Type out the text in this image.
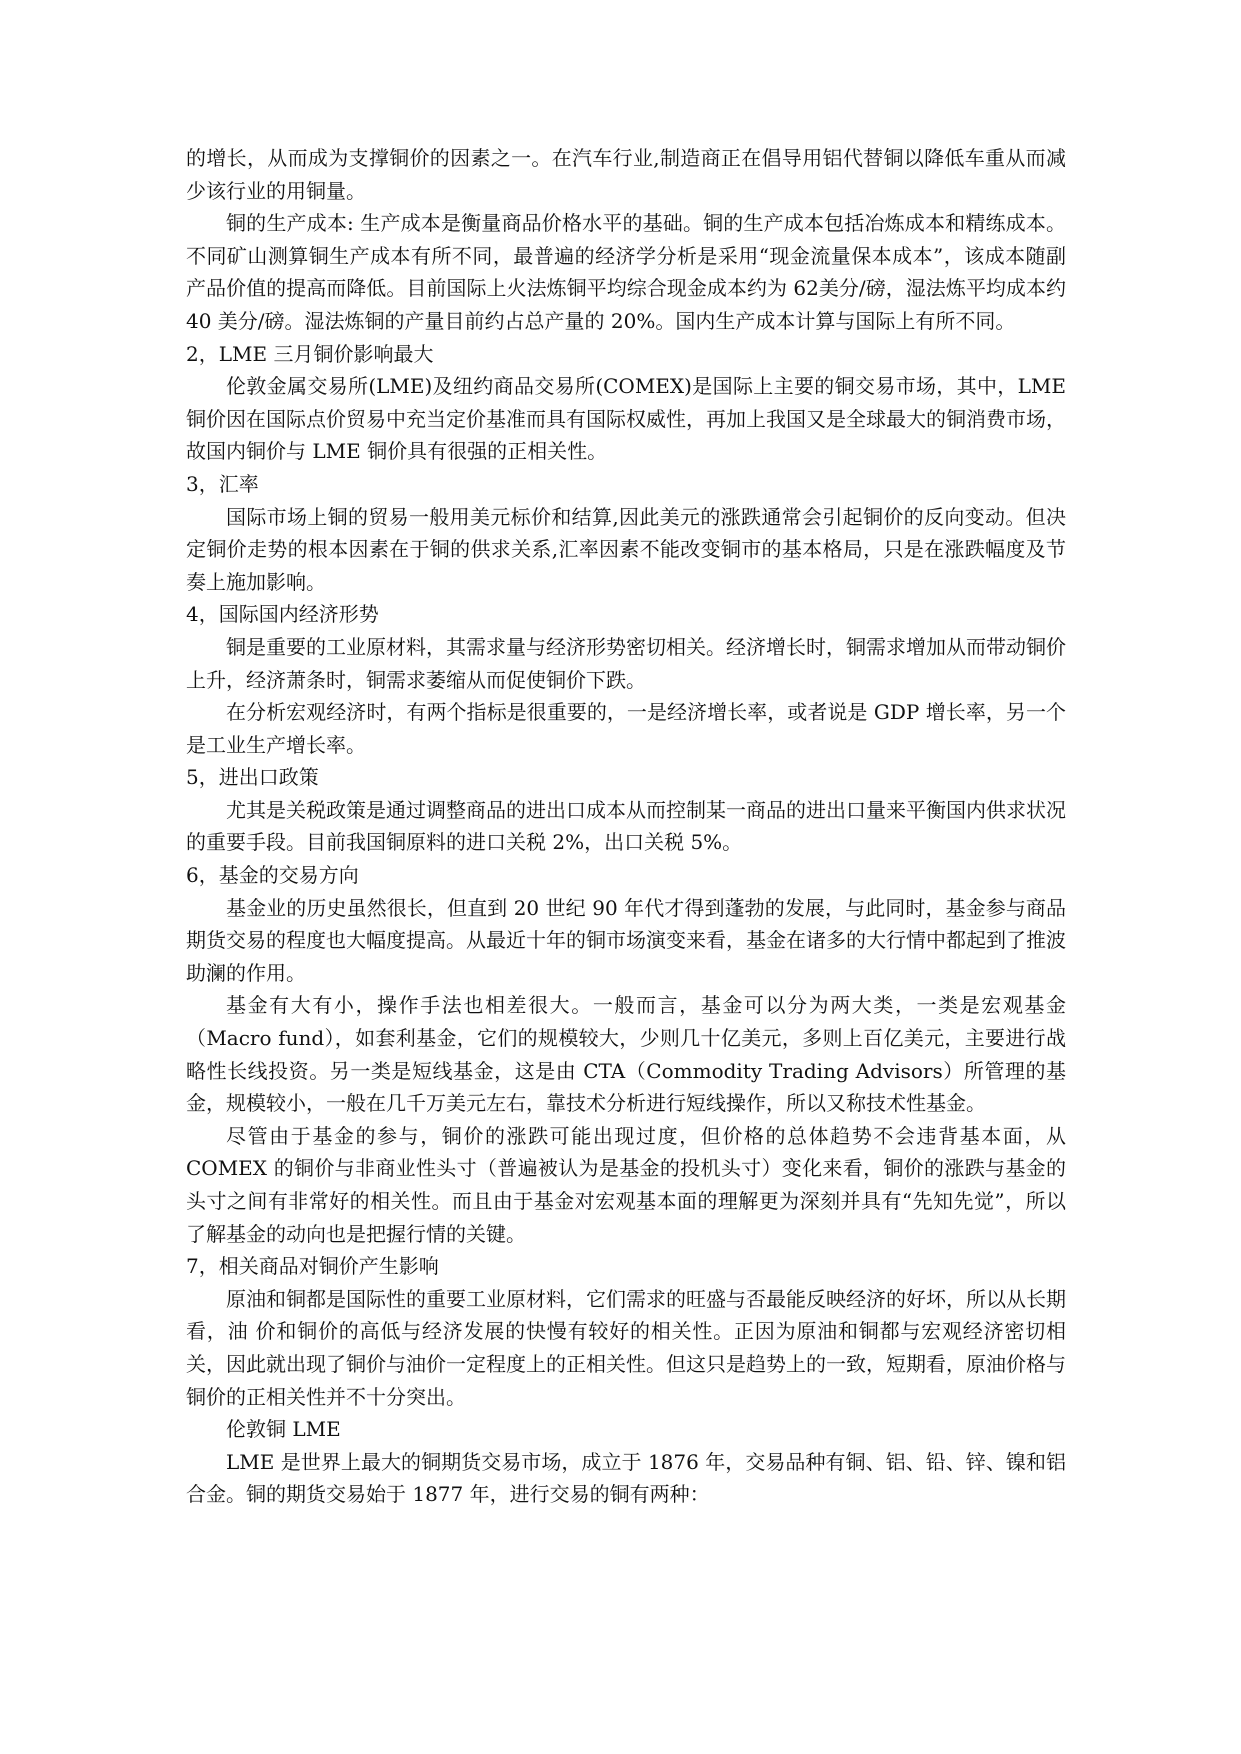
的增长，从而成为支撑铜价的因素之一。在汽车行业,制造商正在倡导用铝代替铜以降低车重从而减少该行业的用铜量。

铜的生产成本: 生产成本是衡量商品价格水平的基础。铜的生产成本包括冶炼成本和精练成本。不同矿山测算铜生产成本有所不同，最普遍的经济学分析是采用“现金流量保本成本”，该成本随副产品价值的提高而降低。目前国际上火法炼铜平均综合现金成本约为 62美分/磅，湿法炼平均成本约 40 美分/磅。湿法炼铜的产量目前约占总产量的 20%。国内生产成本计算与国际上有所不同。

2，LME 三月铜价影响最大

伦敦金属交易所(LME)及纽约商品交易所(COMEX)是国际上主要的铜交易市场，其中，LME 铜价因在国际点价贸易中充当定价基准而具有国际权威性，再加上我国又是全球最大的铜消费市场，故国内铜价与 LME 铜价具有很强的正相关性。

3，汇率

国际市场上铜的贸易一般用美元标价和结算,因此美元的涨跌通常会引起铜价的反向变动。但决定铜价走势的根本因素在于铜的供求关系,汇率因素不能改变铜市的基本格局，只是在涨跌幅度及节奏上施加影响。

4，国际国内经济形势

铜是重要的工业原材料，其需求量与经济形势密切相关。经济增长时，铜需求增加从而带动铜价上升，经济萧条时，铜需求萎缩从而促使铜价下跌。

在分析宏观经济时，有两个指标是很重要的，一是经济增长率，或者说是 GDP 增长率，另一个是工业生产增长率。

5，进出口政策

尤其是关税政策是通过调整商品的进出口成本从而控制某一商品的进出口量来平衡国内供求状况的重要手段。目前我国铜原料的进口关税 2%，出口关税 5%。

6，基金的交易方向

基金业的历史虽然很长，但直到 20 世纪 90 年代才得到蓬勃的发展，与此同时，基金参与商品期货交易的程度也大幅度提高。从最近十年的铜市场演变来看，基金在诸多的大行情中都起到了推波助澜的作用。

基金有大有小，操作手法也相差很大。一般而言，基金可以分为两大类，一类是宏观基金（Macro fund），如套利基金，它们的规模较大，少则几十亿美元，多则上百亿美元，主要进行战略性长线投资。另一类是短线基金，这是由 CTA（Commodity Trading Advisors）所管理的基金，规模较小，一般在几千万美元左右，靠技术分析进行短线操作，所以又称技术性基金。

尽管由于基金的参与，铜价的涨跌可能出现过度，但价格的总体趋势不会违背基本面，从 COMEX 的铜价与非商业性头寸（普遍被认为是基金的投机头寸）变化来看，铜价的涨跌与基金的头寸之间有非常好的相关性。而且由于基金对宏观基本面的理解更为深刻并具有“先知先觉”，所以了解基金的动向也是把握行情的关键。

7，相关商品对铜价产生影响

原油和铜都是国际性的重要工业原材料，它们需求的旺盛与否最能反映经济的好坏，所以从长期看，油 价和铜价的高低与经济发展的快慢有较好的相关性。正因为原油和铜都与宏观经济密切相关，因此就出现了铜价与油价一定程度上的正相关性。但这只是趋势上的一致，短期看，原油价格与铜价的正相关性并不十分突出。

伦敦铜 LME

LME 是世界上最大的铜期货交易市场，成立于 1876 年，交易品种有铜、铝、铅、锌、镍和铝合金。铜的期货交易始于 1877 年，进行交易的铜有两种：
